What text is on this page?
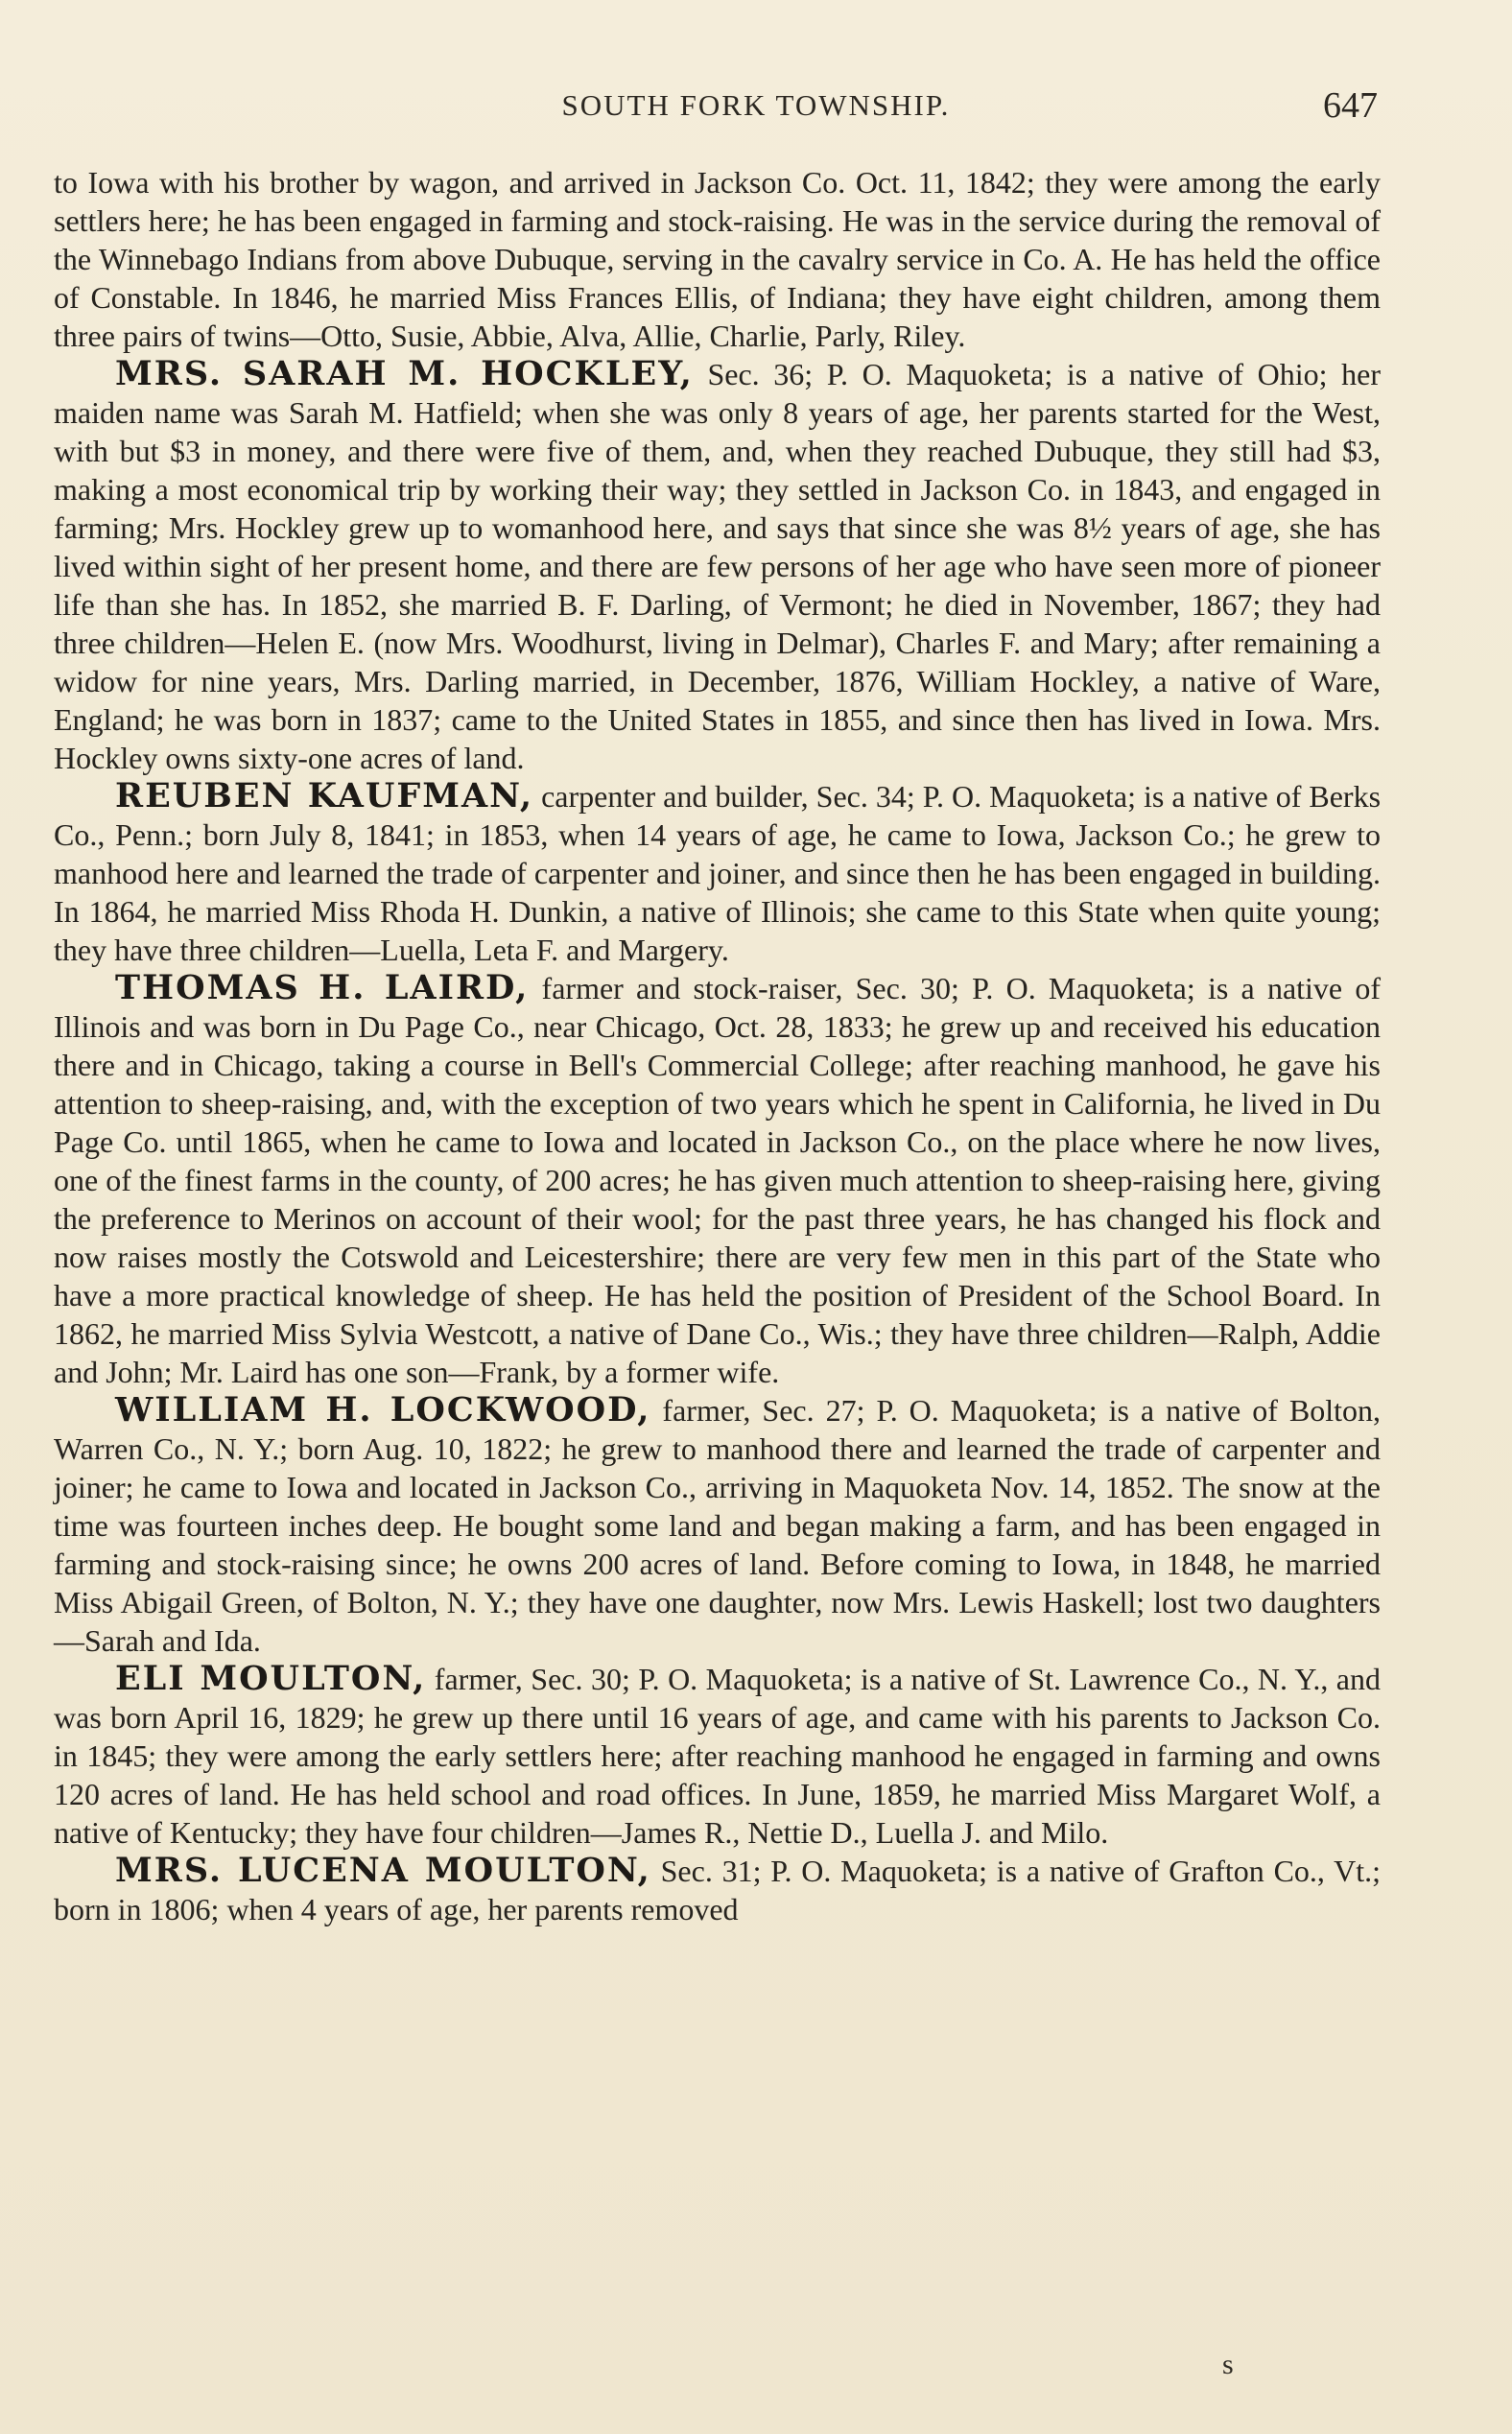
SOUTH FORK TOWNSHIP.	647

to Iowa with his brother by wagon, and arrived in Jackson Co. Oct. 11, 1842; they were among the early settlers here; he has been engaged in farming and stock-raising. He was in the service during the removal of the Winnebago Indians from above Dubuque, serving in the cavalry service in Co. A. He has held the office of Constable. In 1846, he married Miss Frances Ellis, of Indiana; they have eight children, among them three pairs of twins—Otto, Susie, Abbie, Alva, Allie, Charlie, Parly, Riley.

MRS. SARAH M. HOCKLEY, Sec. 36; P. O. Maquoketa; is a native of Ohio; her maiden name was Sarah M. Hatfield; when she was only 8 years of age, her parents started for the West, with but $3 in money, and there were five of them, and, when they reached Dubuque, they still had $3, making a most economical trip by working their way; they settled in Jackson Co. in 1843, and engaged in farming; Mrs. Hockley grew up to womanhood here, and says that since she was 8½ years of age, she has lived within sight of her present home, and there are few persons of her age who have seen more of pioneer life than she has. In 1852, she married B. F. Darling, of Vermont; he died in November, 1867; they had three children—Helen E. (now Mrs. Woodhurst, living in Delmar), Charles F. and Mary; after remaining a widow for nine years, Mrs. Darling married, in December, 1876, William Hockley, a native of Ware, England; he was born in 1837; came to the United States in 1855, and since then has lived in Iowa. Mrs. Hockley owns sixty-one acres of land.

REUBEN KAUFMAN, carpenter and builder, Sec. 34; P. O. Maquoketa; is a native of Berks Co., Penn.; born July 8, 1841; in 1853, when 14 years of age, he came to Iowa, Jackson Co.; he grew to manhood here and learned the trade of carpenter and joiner, and since then he has been engaged in building. In 1864, he married Miss Rhoda H. Dunkin, a native of Illinois; she came to this State when quite young; they have three children—Luella, Leta F. and Margery.

THOMAS H. LAIRD, farmer and stock-raiser, Sec. 30; P. O. Maquoketa; is a native of Illinois and was born in Du Page Co., near Chicago, Oct. 28, 1833; he grew up and received his education there and in Chicago, taking a course in Bell's Commercial College; after reaching manhood, he gave his attention to sheep-raising, and, with the exception of two years which he spent in California, he lived in Du Page Co. until 1865, when he came to Iowa and located in Jackson Co., on the place where he now lives, one of the finest farms in the county, of 200 acres; he has given much attention to sheep-raising here, giving the preference to Merinos on account of their wool; for the past three years, he has changed his flock and now raises mostly the Cotswold and Leicestershire; there are very few men in this part of the State who have a more practical knowledge of sheep. He has held the position of President of the School Board. In 1862, he married Miss Sylvia Westcott, a native of Dane Co., Wis.; they have three children—Ralph, Addie and John; Mr. Laird has one son—Frank, by a former wife.

WILLIAM H. LOCKWOOD, farmer, Sec. 27; P. O. Maquoketa; is a native of Bolton, Warren Co., N. Y.; born Aug. 10, 1822; he grew to manhood there and learned the trade of carpenter and joiner; he came to Iowa and located in Jackson Co., arriving in Maquoketa Nov. 14, 1852. The snow at the time was fourteen inches deep. He bought some land and began making a farm, and has been engaged in farming and stock-raising since; he owns 200 acres of land. Before coming to Iowa, in 1848, he married Miss Abigail Green, of Bolton, N. Y.; they have one daughter, now Mrs. Lewis Haskell; lost two daughters—Sarah and Ida.

ELI MOULTON, farmer, Sec. 30; P. O. Maquoketa; is a native of St. Lawrence Co., N. Y., and was born April 16, 1829; he grew up there until 16 years of age, and came with his parents to Jackson Co. in 1845; they were among the early settlers here; after reaching manhood he engaged in farming and owns 120 acres of land. He has held school and road offices. In June, 1859, he married Miss Margaret Wolf, a native of Kentucky; they have four children—James R., Nettie D., Luella J. and Milo.

MRS. LUCENA MOULTON, Sec. 31; P. O. Maquoketa; is a native of Grafton Co., Vt.; born in 1806; when 4 years of age, her parents removed

s
